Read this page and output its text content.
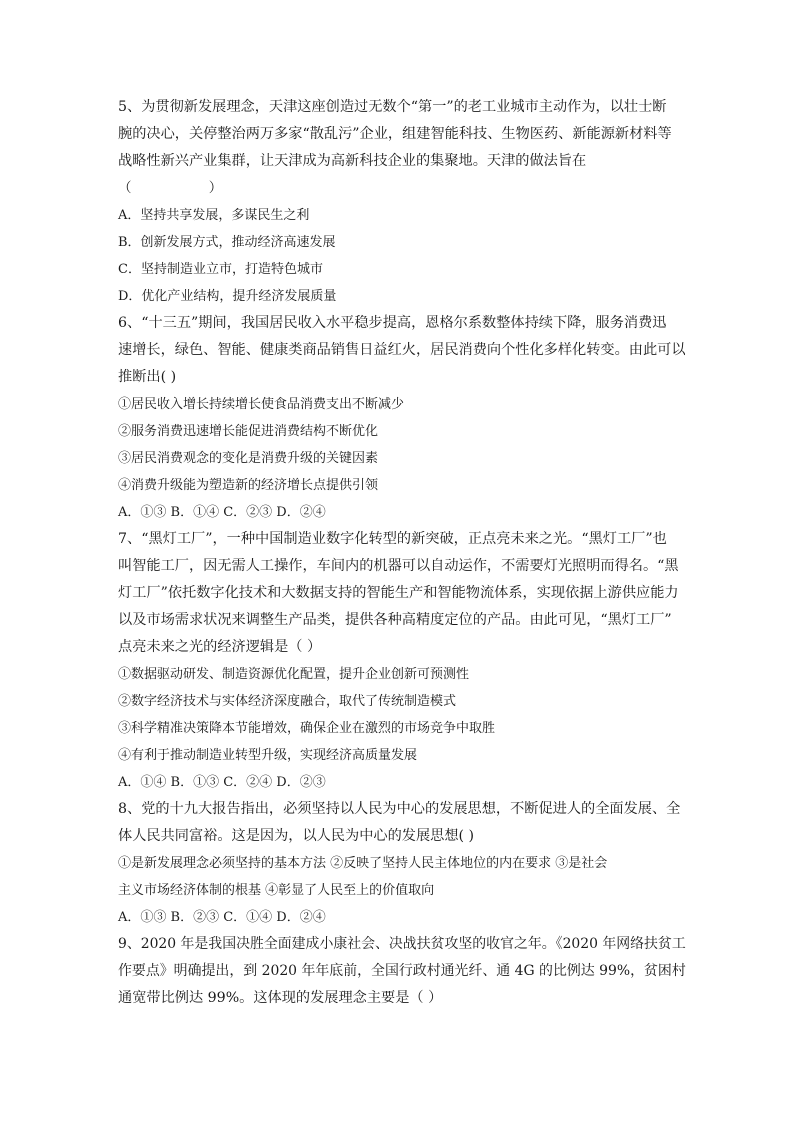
5、为贯彻新发展理念，天津这座创造过无数个“第一”的老工业城市主动作为，以壮士断
腕的决心，关停整治两万多家“散乱污”企业，组建智能科技、生物医药、新能源新材料等
战略性新兴产业集群，让天津成为高新科技企业的集聚地。天津的做法旨在
（                  ）
A．坚持共享发展，多谋民生之利
B．创新发展方式，推动经济高速发展
C．坚持制造业立市，打造特色城市
D．优化产业结构，提升经济发展质量
6、“十三五”期间，我国居民收入水平稳步提高，恩格尔系数整体持续下降，服务消费迅
速增长，绿色、智能、健康类商品销售日益红火，居民消费向个性化多样化转变。由此可以
推断出( )
①居民收入增长持续增长使食品消费支出不断减少
②服务消费迅速增长能促进消费结构不断优化
③居民消费观念的变化是消费升级的关键因素
④消费升级能为塑造新的经济增长点提供引领
A．①③ B．①④ C．②③ D．②④
7、“黑灯工厂”，一种中国制造业数字化转型的新突破，正点亮未来之光。“黑灯工厂”也
叫智能工厂，因无需人工操作，车间内的机器可以自动运作，不需要灯光照明而得名。“黑
灯工厂”依托数字化技术和大数据支持的智能生产和智能物流体系，实现依据上游供应能力
以及市场需求状况来调整生产品类，提供各种高精度定位的产品。由此可见，“黑灯工厂”
点亮未来之光的经济逻辑是（ ）
①数据驱动研发、制造资源优化配置，提升企业创新可预测性
②数字经济技术与实体经济深度融合，取代了传统制造模式
③科学精准决策降本节能增效，确保企业在激烈的市场竞争中取胜
④有利于推动制造业转型升级，实现经济高质量发展
A．①④ B．①③ C．②④ D．②③
8、党的十九大报告指出，必须坚持以人民为中心的发展思想，不断促进人的全面发展、全
体人民共同富裕。这是因为，以人民为中心的发展思想( )
①是新发展理念必须坚持的基本方法 ②反映了坚持人民主体地位的内在要求 ③是社会
主义市场经济体制的根基 ④彰显了人民至上的价值取向
A．①③ B．②③ C．①④ D．②④
9、2020 年是我国决胜全面建成小康社会、决战扶贫攻坚的收官之年。《2020 年网络扶贫工
作要点》明确提出，到 2020 年年底前，全国行政村通光纤、通 4G 的比例达 99%，贫困村
通宽带比例达 99%。这体现的发展理念主要是（ ）
